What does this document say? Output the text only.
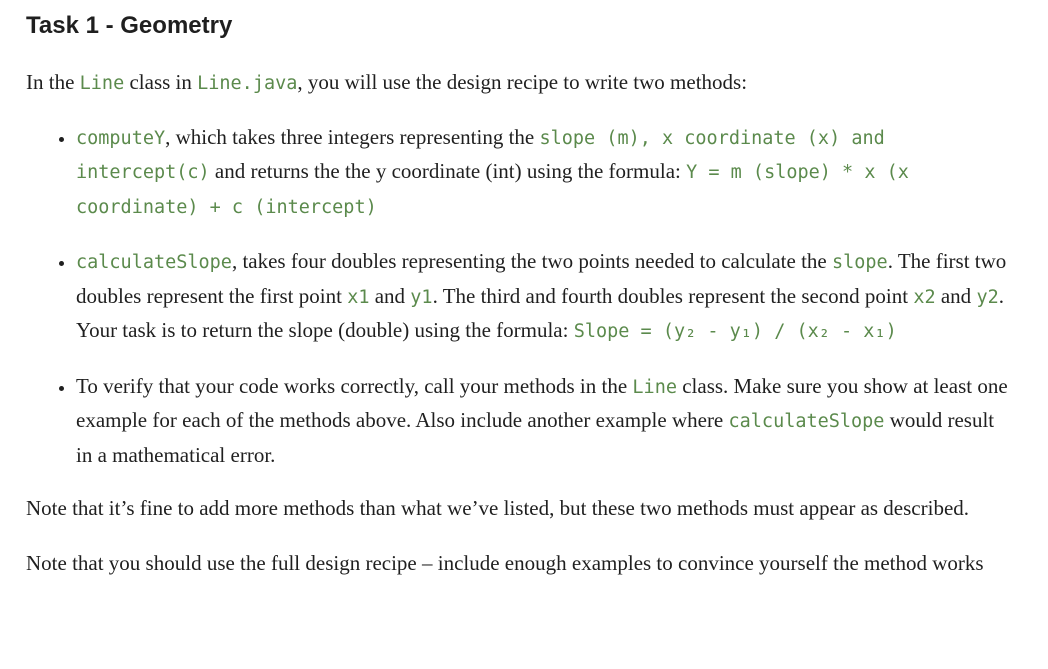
Task 1 - Geometry

In the Line class in Line.java, you will use the design recipe to write two methods:

• computeY, which takes three integers representing the slope (m), x coordinate (x) and intercept(c) and returns the the y coordinate (int) using the formula: Y = m (slope) * x (x coordinate) + c (intercept)
• calculateSlope, takes four doubles representing the two points needed to calculate the slope. The first two doubles represent the first point x1 and y1. The third and fourth doubles represent the second point x2 and y2. Your task is to return the slope (double) using the formula: Slope = (y₂ - y₁) / (x₂ - x₁)
• To verify that your code works correctly, call your methods in the Line class. Make sure you show at least one example for each of the methods above. Also include another example where calculateSlope would result in a mathematical error.

Note that it’s fine to add more methods than what we’ve listed, but these two methods must appear as described.

Note that you should use the full design recipe – include enough examples to convince yourself the method works
